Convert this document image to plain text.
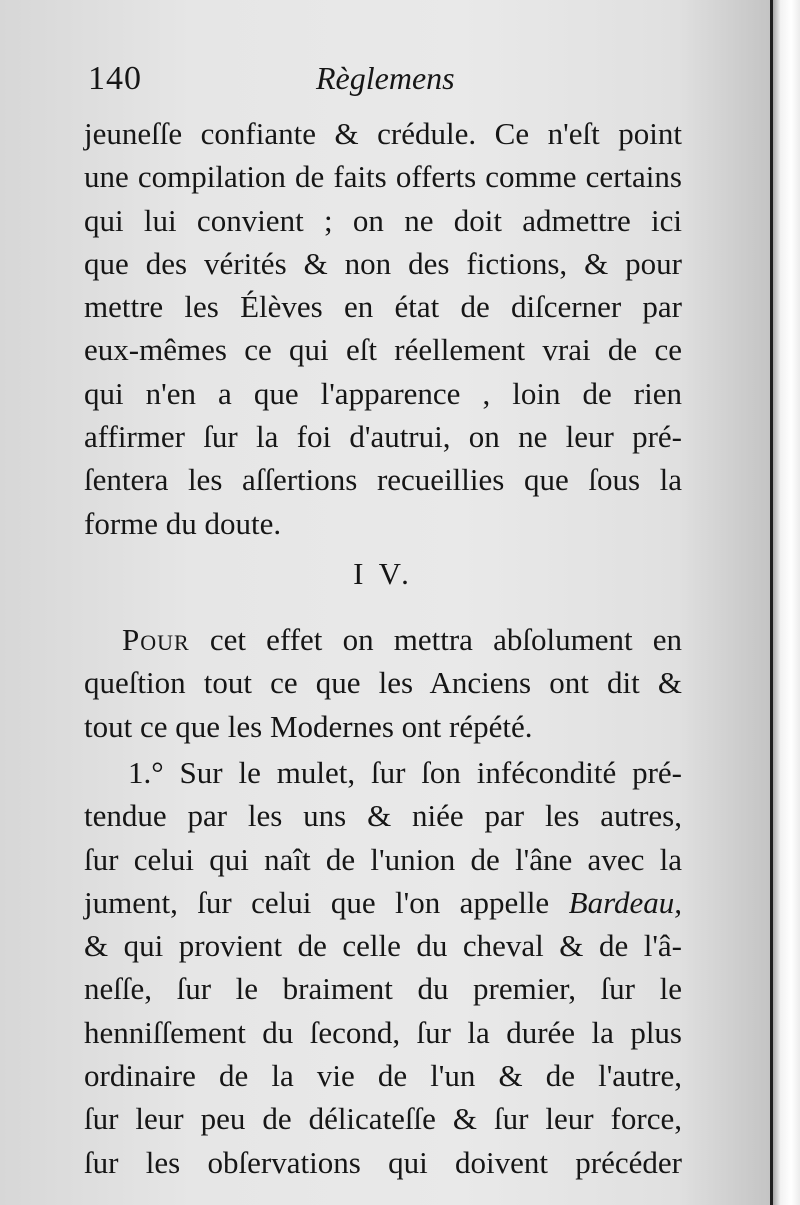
140	Règlemens
jeuneſſe confiante & crédule. Ce n'eſt point
une compilation de faits offerts comme certains
qui lui convient ; on ne doit admettre ici
que des vérités & non des fictions, & pour
mettre les Élèves en état de diſcerner par
eux-mêmes ce qui eſt réellement vrai de ce
qui n'en a que l'apparence , loin de rien
affirmer ſur la foi d'autrui, on ne leur pré-
ſentera les aſſertions recueillies que ſous la
forme du doute.
I V.
Pour cet effet on mettra abſolument en
queſtion tout ce que les Anciens ont dit &
tout ce que les Modernes ont répété.
1.° Sur le mulet, ſur ſon infécondité pré-
tendue par les uns & niée par les autres,
ſur celui qui naît de l'union de l'âne avec la
jument, ſur celui que l'on appelle Bardeau,
& qui provient de celle du cheval & de l'â-
neſſe, ſur le braiment du premier, ſur le
henniſſement du ſecond, ſur la durée la plus
ordinaire de la vie de l'un & de l'autre,
ſur leur peu de délicateſſe & ſur leur force,
ſur les obſervations qui doivent précéder
